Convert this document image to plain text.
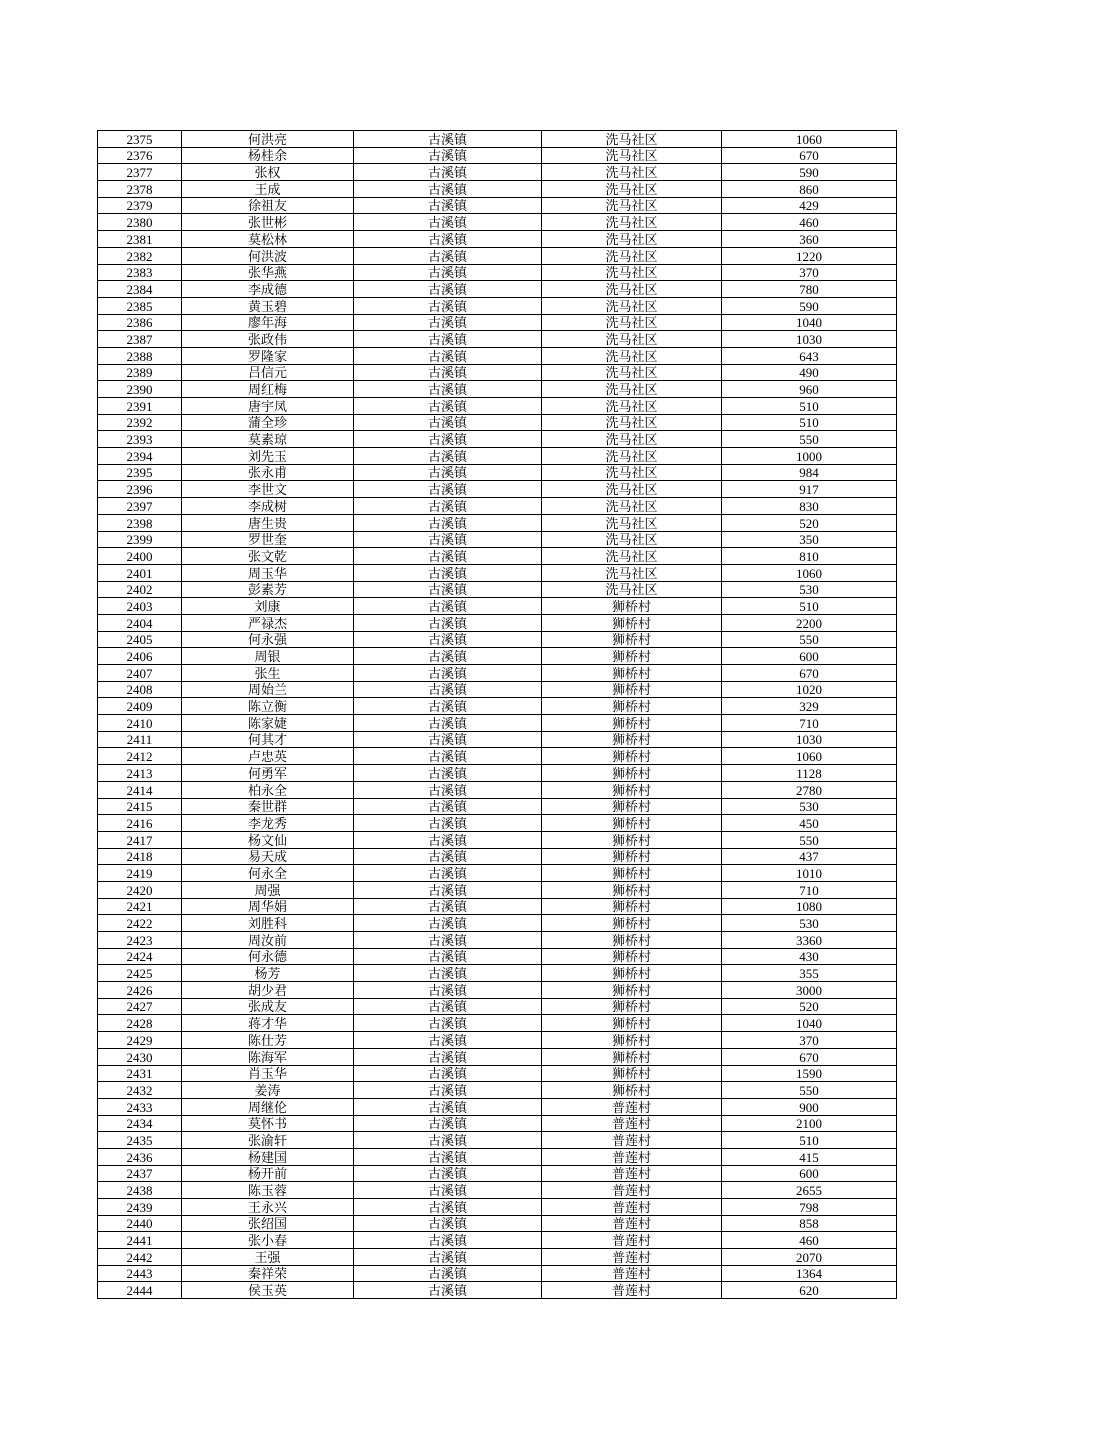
2375	何洪亮	古溪镇	洗马社区	1060
2376	杨桂余	古溪镇	洗马社区	670
2377	张权	古溪镇	洗马社区	590
2378	王成	古溪镇	洗马社区	860
2379	徐祖友	古溪镇	洗马社区	429
2380	张世彬	古溪镇	洗马社区	460
2381	莫松林	古溪镇	洗马社区	360
2382	何洪波	古溪镇	洗马社区	1220
2383	张华燕	古溪镇	洗马社区	370
2384	李成德	古溪镇	洗马社区	780
2385	黄玉碧	古溪镇	洗马社区	590
2386	廖年海	古溪镇	洗马社区	1040
2387	张政伟	古溪镇	洗马社区	1030
2388	罗隆家	古溪镇	洗马社区	643
2389	吕信元	古溪镇	洗马社区	490
2390	周红梅	古溪镇	洗马社区	960
2391	唐宇凤	古溪镇	洗马社区	510
2392	蒲全珍	古溪镇	洗马社区	510
2393	莫素琼	古溪镇	洗马社区	550
2394	刘先玉	古溪镇	洗马社区	1000
2395	张永甫	古溪镇	洗马社区	984
2396	李世文	古溪镇	洗马社区	917
2397	李成树	古溪镇	洗马社区	830
2398	唐生贵	古溪镇	洗马社区	520
2399	罗世奎	古溪镇	洗马社区	350
2400	张文乾	古溪镇	洗马社区	810
2401	周玉华	古溪镇	洗马社区	1060
2402	彭素芳	古溪镇	洗马社区	530
2403	刘康	古溪镇	狮桥村	510
2404	严禄杰	古溪镇	狮桥村	2200
2405	何永强	古溪镇	狮桥村	550
2406	周银	古溪镇	狮桥村	600
2407	张生	古溪镇	狮桥村	670
2408	周始兰	古溪镇	狮桥村	1020
2409	陈立衡	古溪镇	狮桥村	329
2410	陈家婕	古溪镇	狮桥村	710
2411	何其才	古溪镇	狮桥村	1030
2412	卢忠英	古溪镇	狮桥村	1060
2413	何勇军	古溪镇	狮桥村	1128
2414	柏永全	古溪镇	狮桥村	2780
2415	秦世群	古溪镇	狮桥村	530
2416	李龙秀	古溪镇	狮桥村	450
2417	杨文仙	古溪镇	狮桥村	550
2418	易天成	古溪镇	狮桥村	437
2419	何永全	古溪镇	狮桥村	1010
2420	周强	古溪镇	狮桥村	710
2421	周华娟	古溪镇	狮桥村	1080
2422	刘胜科	古溪镇	狮桥村	530
2423	周汝前	古溪镇	狮桥村	3360
2424	何永德	古溪镇	狮桥村	430
2425	杨芳	古溪镇	狮桥村	355
2426	胡少君	古溪镇	狮桥村	3000
2427	张成友	古溪镇	狮桥村	520
2428	蒋才华	古溪镇	狮桥村	1040
2429	陈仕芳	古溪镇	狮桥村	370
2430	陈海军	古溪镇	狮桥村	670
2431	肖玉华	古溪镇	狮桥村	1590
2432	姜涛	古溪镇	狮桥村	550
2433	周继伦	古溪镇	普莲村	900
2434	莫怀书	古溪镇	普莲村	2100
2435	张渝轩	古溪镇	普莲村	510
2436	杨建国	古溪镇	普莲村	415
2437	杨开前	古溪镇	普莲村	600
2438	陈玉蓉	古溪镇	普莲村	2655
2439	王永兴	古溪镇	普莲村	798
2440	张绍国	古溪镇	普莲村	858
2441	张小春	古溪镇	普莲村	460
2442	王强	古溪镇	普莲村	2070
2443	秦祥荣	古溪镇	普莲村	1364
2444	侯玉英	古溪镇	普莲村	620
